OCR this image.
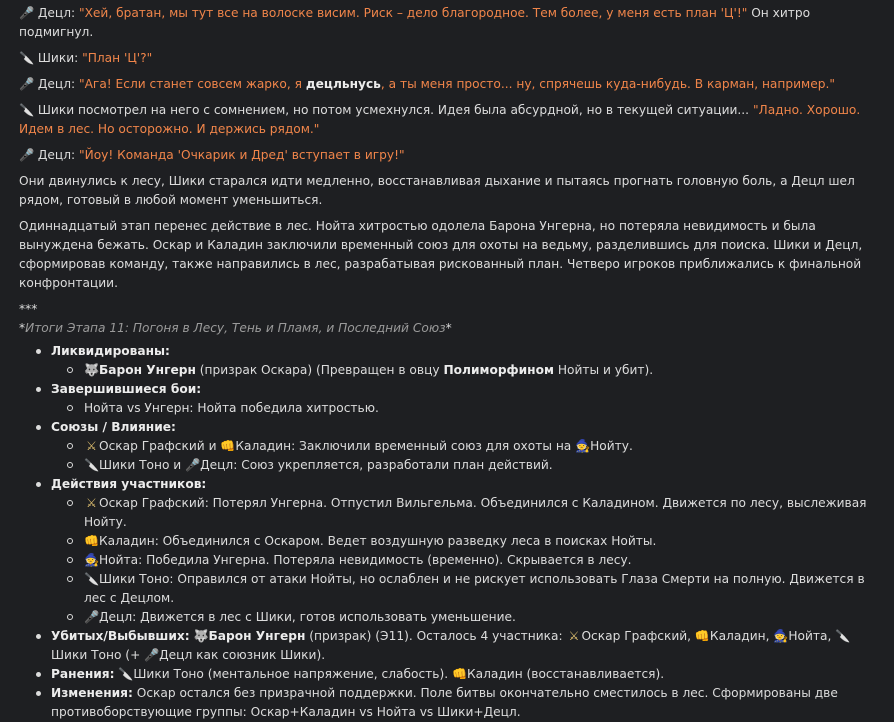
🎤 Децл: "Хей, братан, мы тут все на волоске висим. Риск – дело благородное. Тем более, у меня есть план 'Ц'!" Он хитро подмигнул.

🔪 Шики: "План 'Ц'?"

🎤 Децл: "Ага! Если станет совсем жарко, я децльнусь, а ты меня просто... ну, спрячешь куда-нибудь. В карман, например."

🔪 Шики посмотрел на него с сомнением, но потом усмехнулся. Идея была абсурдной, но в текущей ситуации... "Ладно. Хорошо. Идем в лес. Но осторожно. И держись рядом."

🎤 Децл: "Йоу! Команда 'Очкарик и Дред' вступает в игру!"

Они двинулись к лесу, Шики старался идти медленно, восстанавливая дыхание и пытаясь прогнать головную боль, а Децл шел рядом, готовый в любой момент уменьшиться.

Одиннадцатый этап перенес действие в лес. Нойта хитростью одолела Барона Унгерна, но потеряла невидимость и была вынуждена бежать. Оскар и Каладин заключили временный союз для охоты на ведьму, разделившись для поиска. Шики и Децл, сформировав команду, также направились в лес, разрабатывая рискованный план. Четверо игроков приближались к финальной конфронтации.

***

*Итоги Этапа 11: Погоня в Лесу, Тень и Пламя, и Последний Союз*

Ликвидированы:
🐺Барон Унгерн (призрак Оскара) (Превращен в овцу Полиморфином Нойты и убит).
Завершившиеся бои:
Нойта vs Унгерн: Нойта победила хитростью.
Союзы / Влияние:
⚔ Оскар Графский и 👊Каладин: Заключили временный союз для охоты на 🧙Нойту.
🔪Шики Тоно и 🎤Децл: Союз укрепляется, разработали план действий.
Действия участников:
⚔ Оскар Графский: Потерял Унгерна. Отпустил Вильгельма. Объединился с Каладином. Движется по лесу, выслеживая Нойту.
👊Каладин: Объединился с Оскаром. Ведет воздушную разведку леса в поисках Нойты.
🧙Нойта: Победила Унгерна. Потеряла невидимость (временно). Скрывается в лесу.
🔪Шики Тоно: Оправился от атаки Нойты, но ослаблен и не рискует использовать Глаза Смерти на полную. Движется в лес с Децлом.
🎤Децл: Движется в лес с Шики, готов использовать уменьшение.
Убитых/Выбывших: 🐺Барон Унгерн (призрак) (Э11). Осталось 4 участника: ⚔ Оскар Графский, 👊Каладин, 🧙Нойта, 🔪Шики Тоно (+ 🎤Децл как союзник Шики).
Ранения: 🔪Шики Тоно (ментальное напряжение, слабость). 👊Каладин (восстанавливается).
Изменения: Оскар остался без призрачной поддержки. Поле битвы окончательно сместилось в лес. Сформированы две противоборствующие группы: Оскар+Каладин vs Нойта vs Шики+Децл.
